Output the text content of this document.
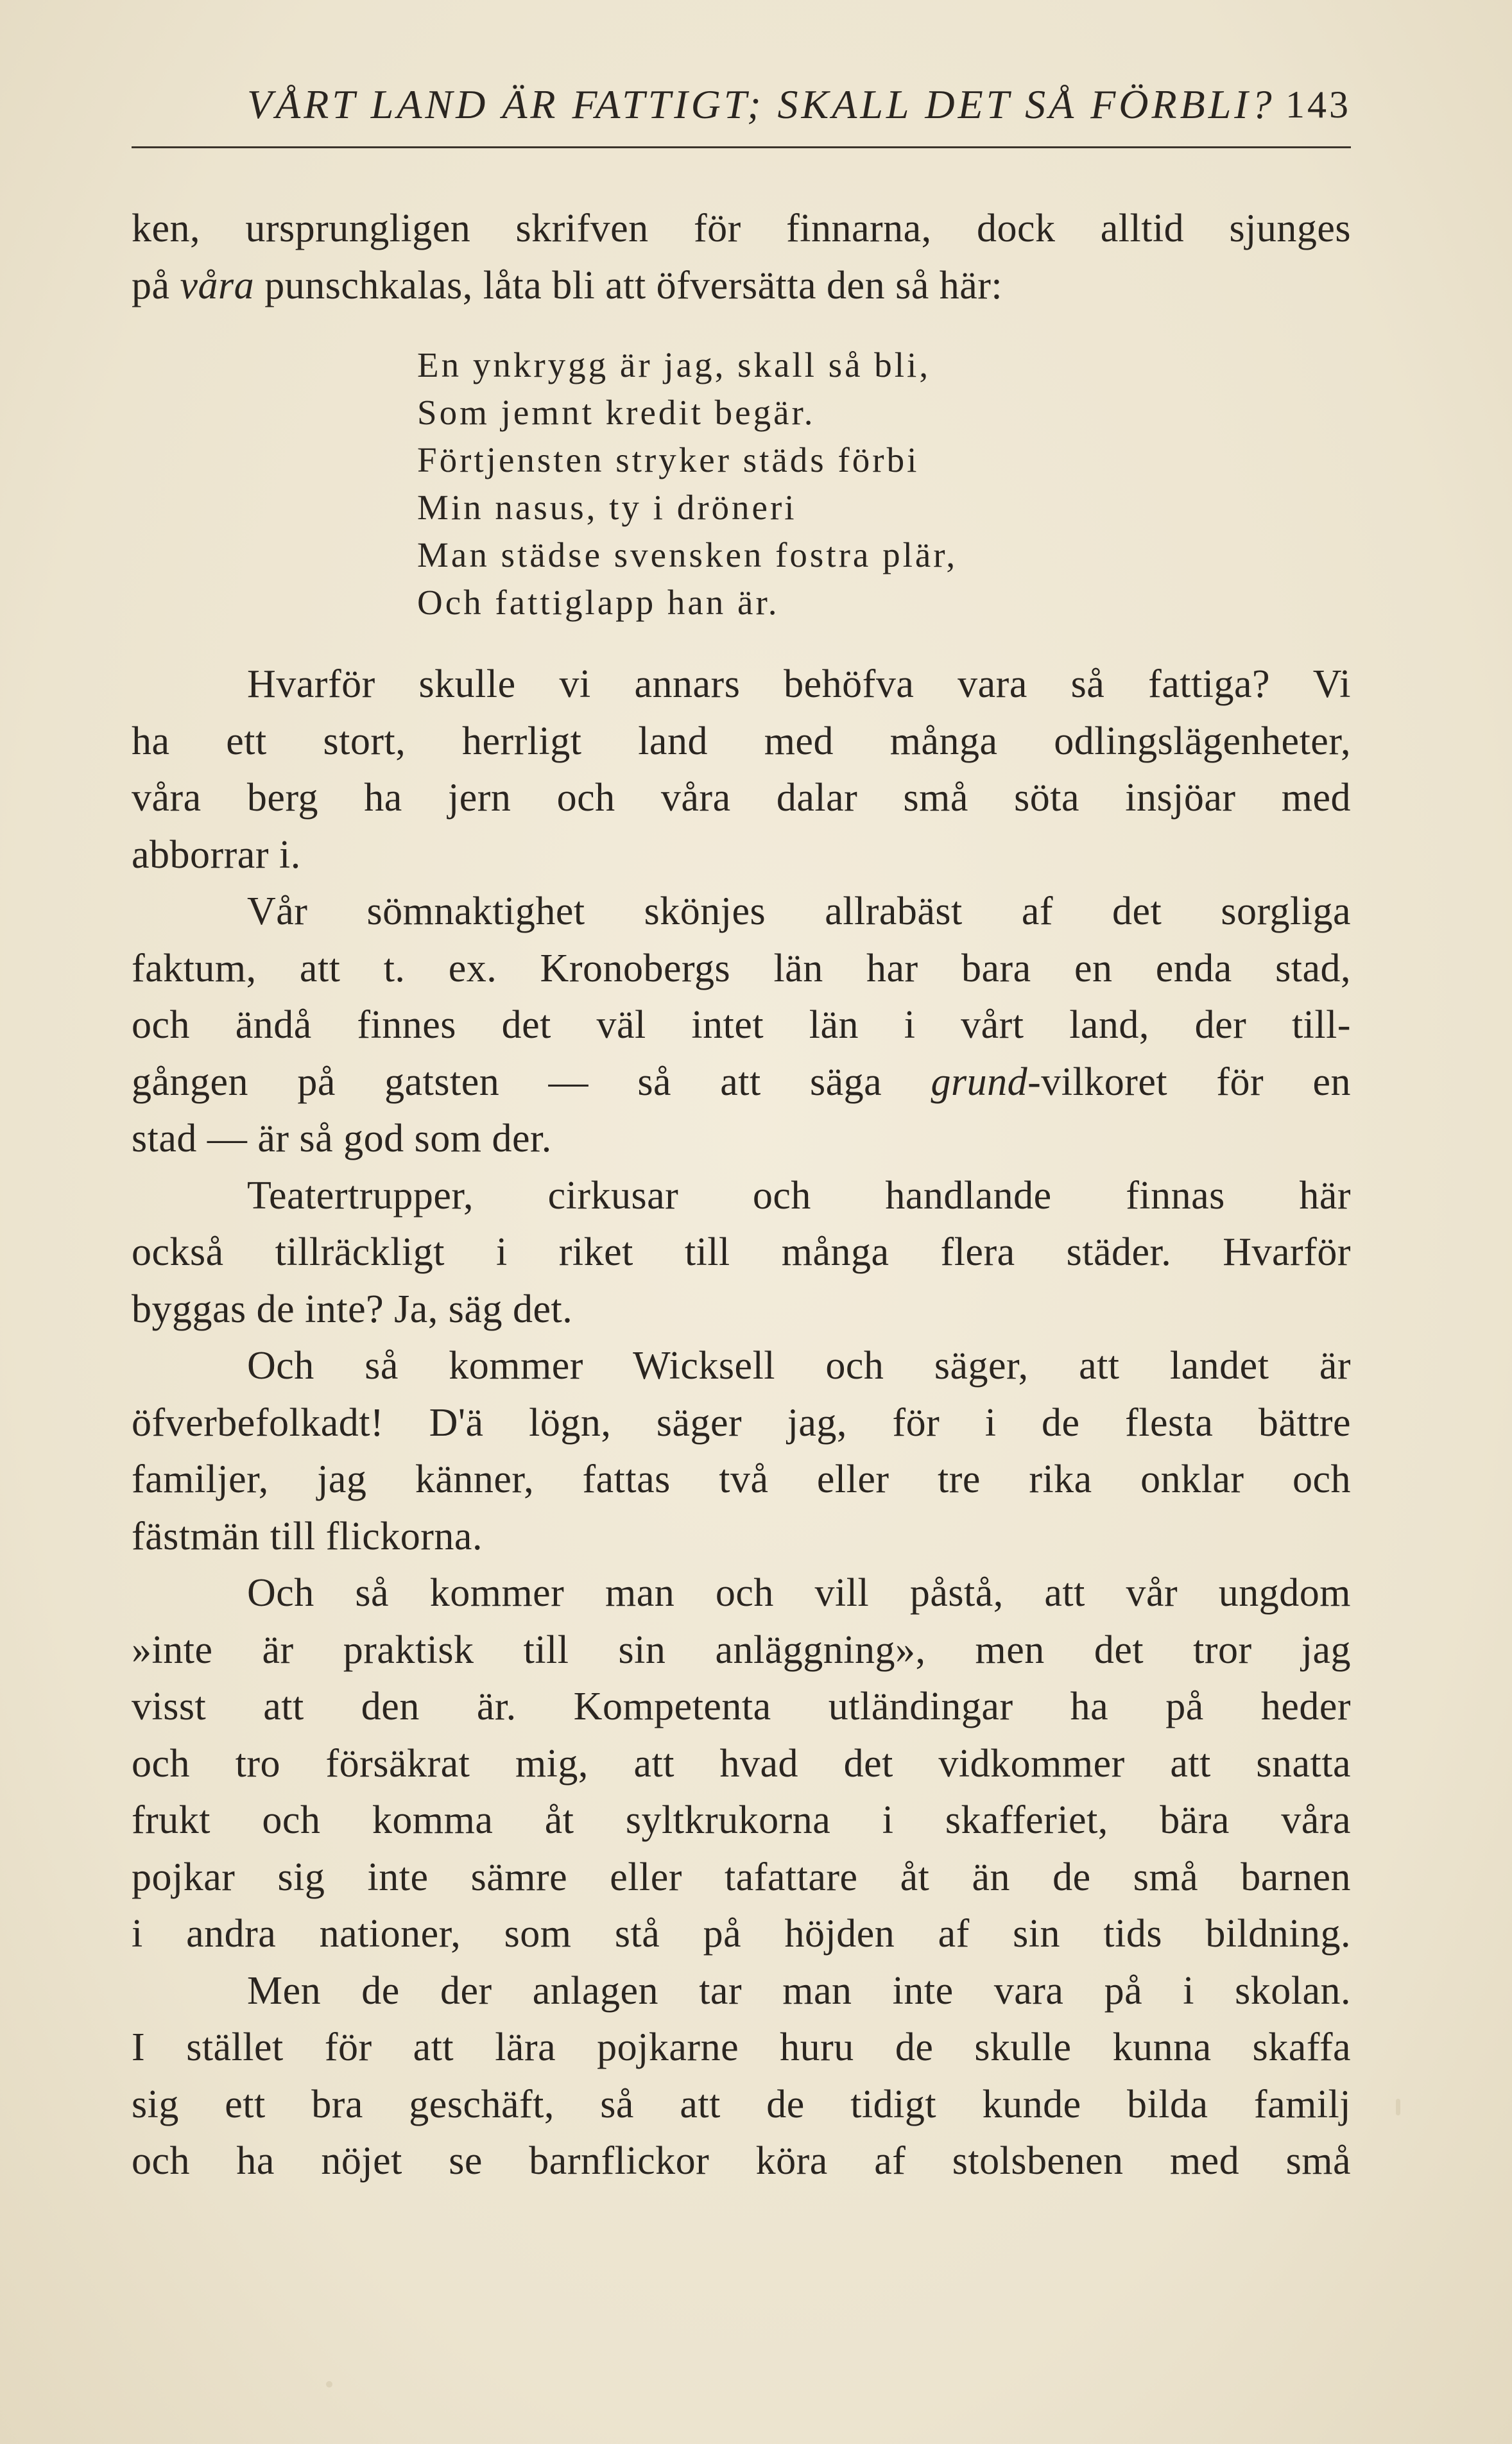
VÅRT LAND ÄR FATTIGT; SKALL DET SÅ FÖRBLI? 143
ken, ursprungligen skrifven för finnarna, dock alltid sjunges
på våra punschkalas, låta bli att öfversätta den så här:
En ynkrygg är jag, skall så bli,
Som jemnt kredit begär.
Förtjensten stryker städs förbi
Min nasus, ty i dröneri
Man städse svensken fostra plär,
Och fattiglapp han är.
Hvarför skulle vi annars behöfva vara så fattiga? Vi
ha ett stort, herrligt land med många odlingslägenheter,
våra berg ha jern och våra dalar små söta insjöar med
abborrar i.
Vår sömnaktighet skönjes allrabäst af det sorgliga
faktum, att t. ex. Kronobergs län har bara en enda stad,
och ändå finnes det väl intet län i vårt land, der till-
gången på gatsten — så att säga grund-vilkoret för en
stad — är så god som der.
Teatertrupper, cirkusar och handlande finnas här
också tillräckligt i riket till många flera städer. Hvarför
byggas de inte? Ja, säg det.
Och så kommer Wicksell och säger, att landet är
öfverbefolkadt! D'ä lögn, säger jag, för i de flesta bättre
familjer, jag känner, fattas två eller tre rika onklar och
fästmän till flickorna.
Och så kommer man och vill påstå, att vår ungdom
»inte är praktisk till sin anläggning», men det tror jag
visst att den är. Kompetenta utländingar ha på heder
och tro försäkrat mig, att hvad det vidkommer att snatta
frukt och komma åt syltkrukorna i skafferiet, bära våra
pojkar sig inte sämre eller tafattare åt än de små barnen
i andra nationer, som stå på höjden af sin tids bildning.
Men de der anlagen tar man inte vara på i skolan.
I stället för att lära pojkarne huru de skulle kunna skaffa
sig ett bra geschäft, så att de tidigt kunde bilda familj
och ha nöjet se barnflickor köra af stolsbenen med små
